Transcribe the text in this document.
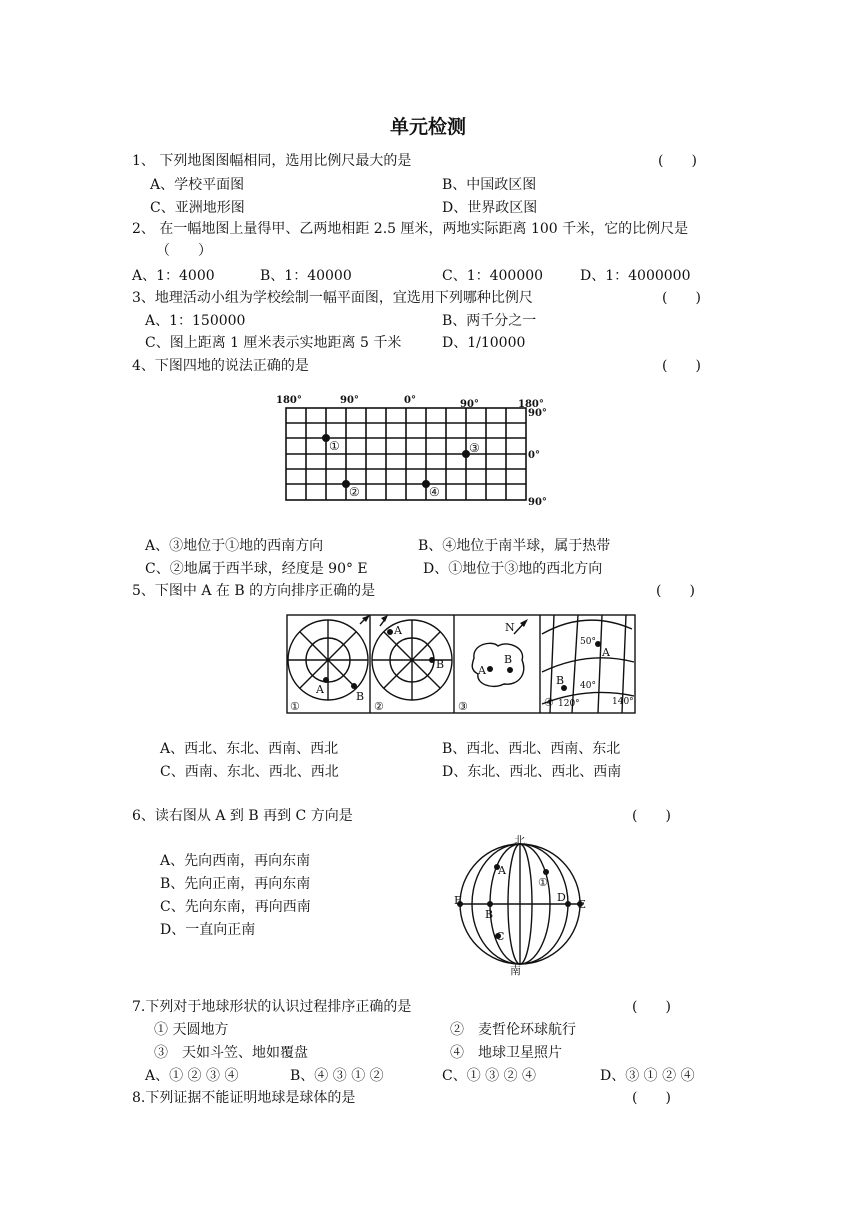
单元检测
1、 下列地图图幅相同，选用比例尺最大的是	(　　)
A、学校平面图	B、中国政区图
C、亚洲地形图	D、世界政区图
2、 在一幅地图上量得甲、乙两地相距 2.5 厘米，两地实际距离 100 千米，它的比例尺是
（　　）
A、1：4000	B、1：40000	C、1：400000	D、1：4000000
3、地理活动小组为学校绘制一幅平面图，宜选用下列哪种比例尺	(　　)
A、1：150000	B、两千分之一
C、图上距离 1 厘米表示实地距离 5 千米	D、1/10000
4、下图四地的说法正确的是	(　　)
180°	90°	0°	90°	180°
90°
0°
90°
①
②
③
④
A、③地位于①地的西南方向	B、④地位于南半球，属于热带
C、②地属于西半球，经度是 90° E	D、①地位于③地的西北方向
5、下图中 A 在 B 的方向排序正确的是	(　　)
①	②	③	④
A
B
A
B	A
B
N
A
B
50°
40°
120°	140°
A、西北、东北、西南、西北	B、西北、西北、西南、东北
C、西南、东北、西北、西北	D、东北、西北、西北、西南
6、读右图从 A 到 B 再到 C 方向是	(　　)
A、先向西南，再向东南
B、先向正南，再向东南
C、先向东南，再向西南
D、一直向正南
北
南
A
①
B
C
D
E
F
7.下列对于地球形状的认识过程排序正确的是	(　　)
① 天圆地方	②　麦哲伦环球航行
③　天如斗笠、地如覆盘	④　地球卫星照片
A、① ② ③ ④	B、④ ③ ① ②	C、① ③ ② ④	D、③ ① ② ④
8.下列证据不能证明地球是球体的是	(　　)
